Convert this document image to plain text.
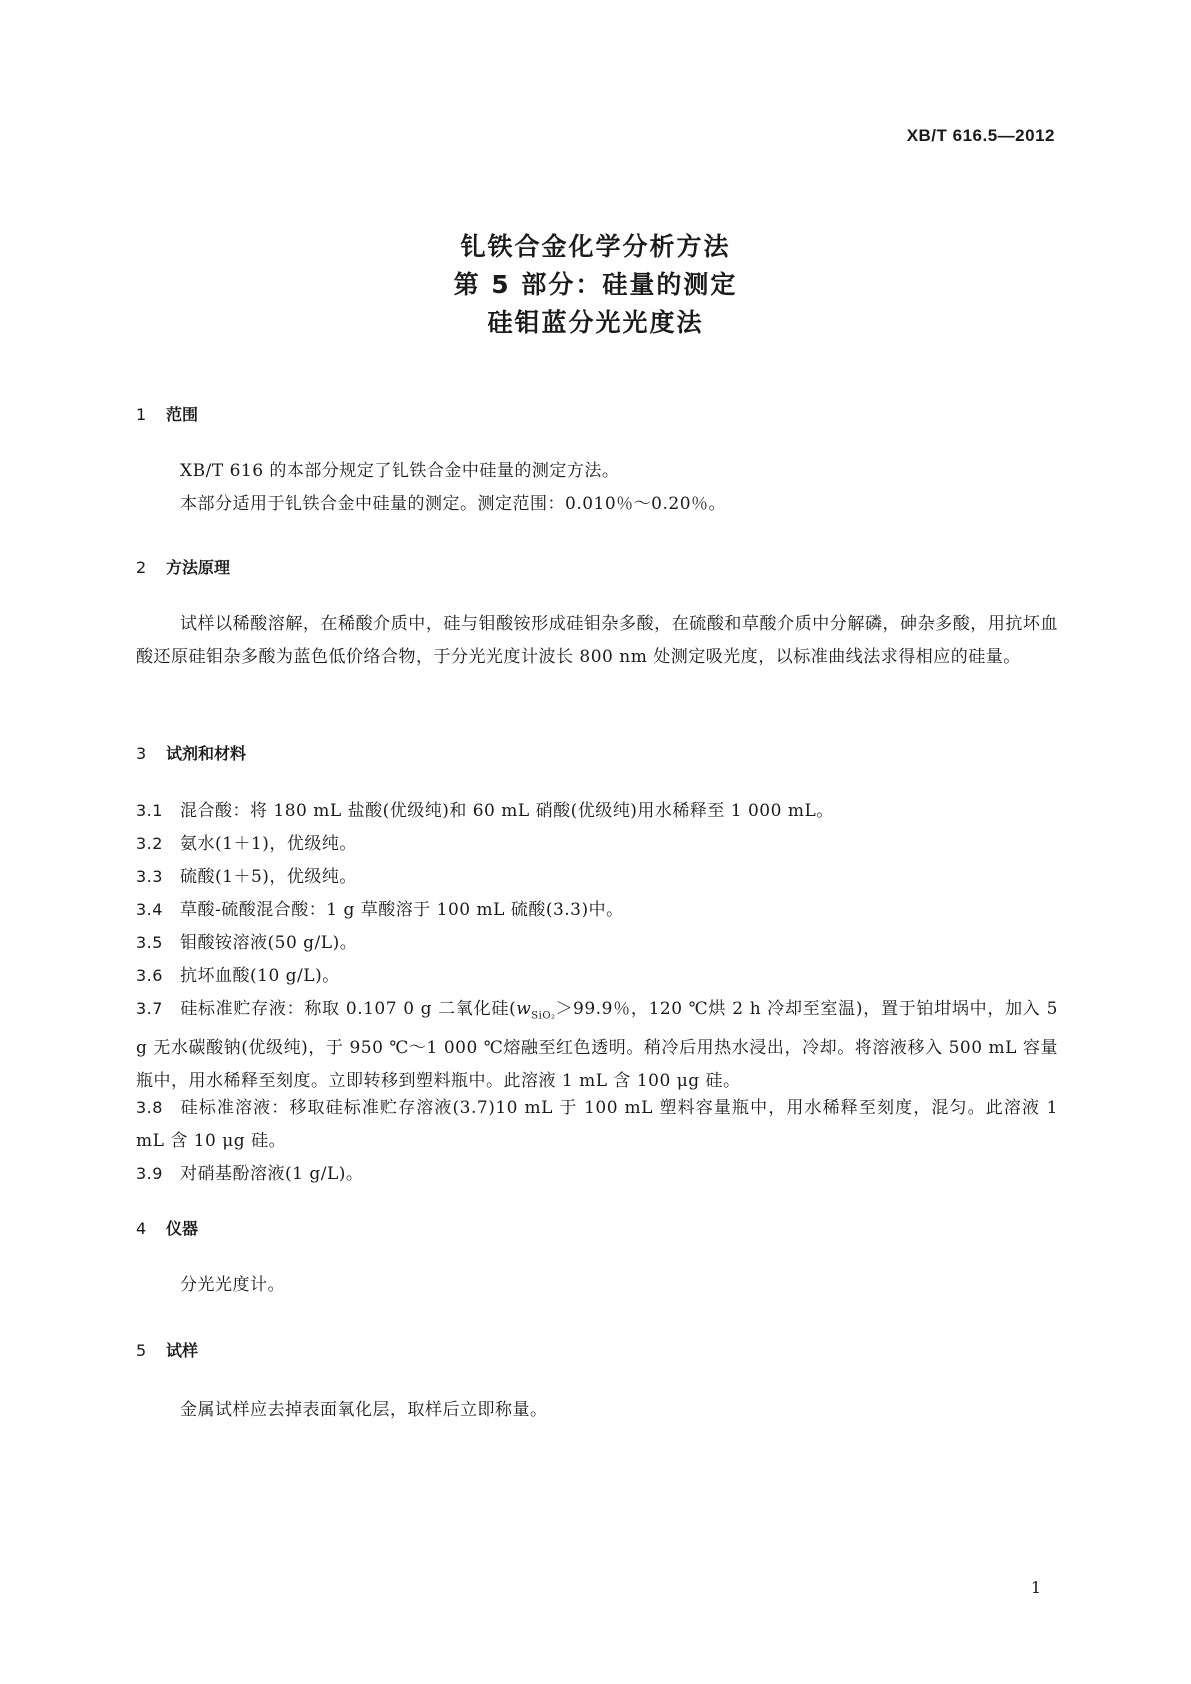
XB/T 616.5—2012
钆铁合金化学分析方法
第 5 部分：硅量的测定
硅钼蓝分光光度法
1 范围
XB/T 616 的本部分规定了钆铁合金中硅量的测定方法。
本部分适用于钆铁合金中硅量的测定。测定范围：0.010％～0.20％。
2 方法原理
试样以稀酸溶解，在稀酸介质中，硅与钼酸铵形成硅钼杂多酸，在硫酸和草酸介质中分解磷，砷杂多酸，用抗坏血酸还原硅钼杂多酸为蓝色低价络合物，于分光光度计波长 800 nm 处测定吸光度，以标准曲线法求得相应的硅量。
3 试剂和材料
3.1 混合酸：将 180 mL 盐酸(优级纯)和 60 mL 硝酸(优级纯)用水稀释至 1 000 mL。
3.2 氨水(1＋1)，优级纯。
3.3 硫酸(1＋5)，优级纯。
3.4 草酸-硫酸混合酸：1 g 草酸溶于 100 mL 硫酸(3.3)中。
3.5 钼酸铵溶液(50 g/L)。
3.6 抗坏血酸(10 g/L)。
3.7 硅标准贮存液：称取 0.107 0 g 二氧化硅($w_{SiO_2}>99.9$％，120 ℃烘 2 h 冷却至室温)，置于铂坩埚中，加入 5 g 无水碳酸钠(优级纯)，于 950 ℃～1 000 ℃熔融至红色透明。稍冷后用热水浸出，冷却。将溶液移入 500 mL 容量瓶中，用水稀释至刻度。立即转移到塑料瓶中。此溶液 1 mL 含 100 μg 硅。
3.8 硅标准溶液：移取硅标准贮存溶液(3.7)10 mL 于 100 mL 塑料容量瓶中，用水稀释至刻度，混匀。此溶液 1 mL 含 10 μg 硅。
3.9 对硝基酚溶液(1 g/L)。
4 仪器
分光光度计。
5 试样
金属试样应去掉表面氧化层，取样后立即称量。
1
